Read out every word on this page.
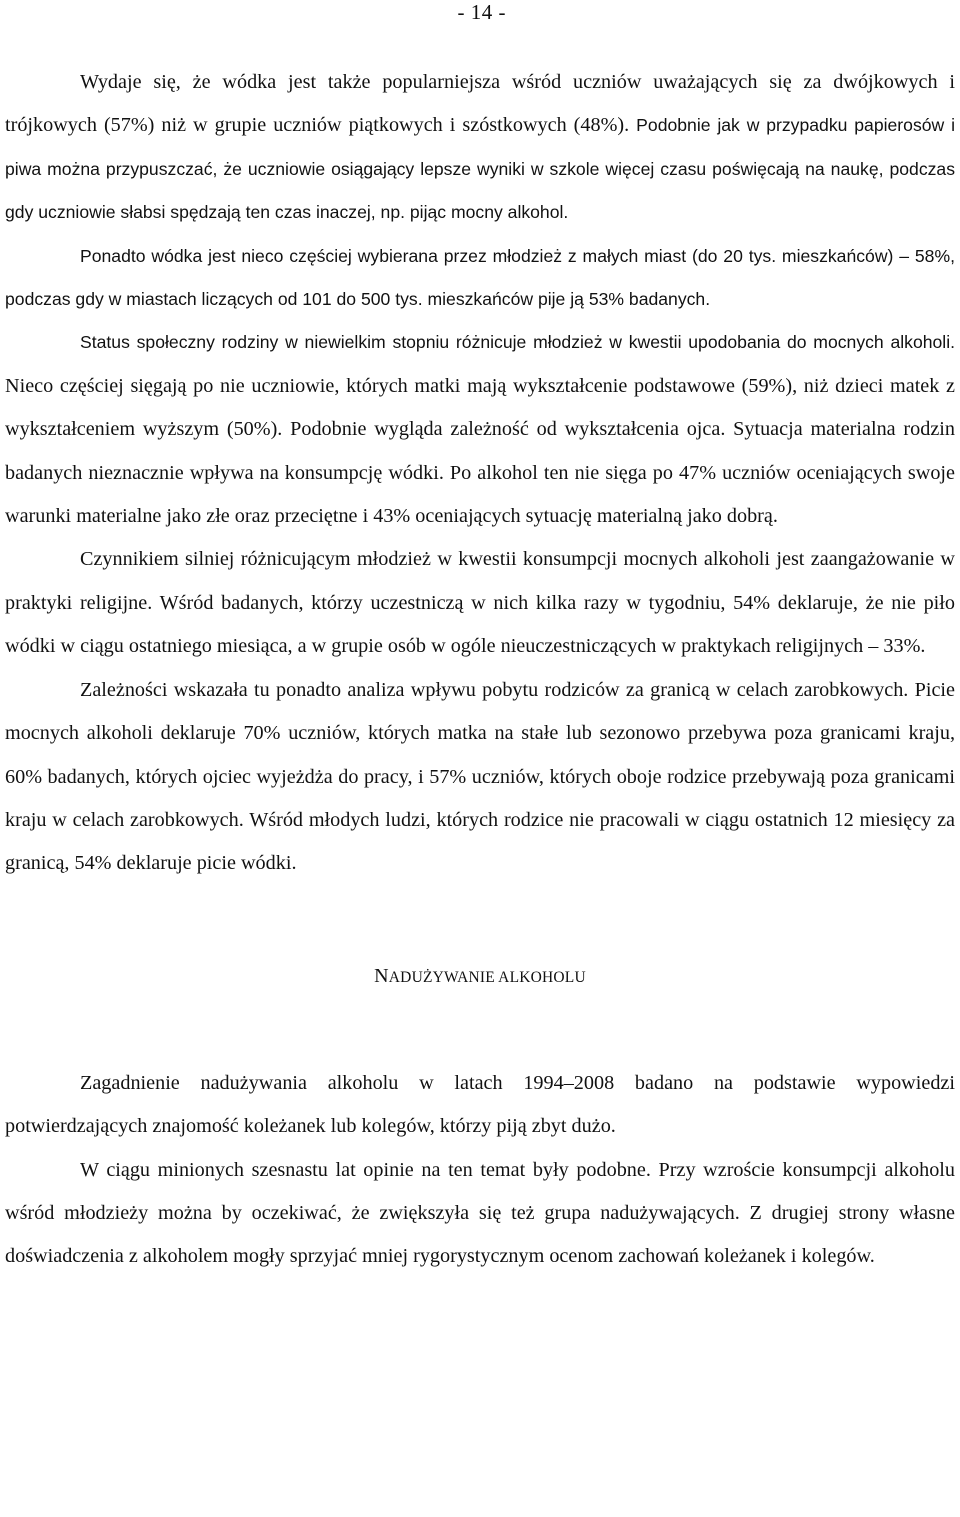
- 14 -

Wydaje się, że wódka jest także popularniejsza wśród uczniów uważających się za dwójkowych i trójkowych (57%) niż w grupie uczniów piątkowych i szóstkowych (48%). Podobnie jak w przypadku papierosów i piwa można przypuszczać, że uczniowie osiągający lepsze wyniki w szkole więcej czasu poświęcają na naukę, podczas gdy uczniowie słabsi spędzają ten czas inaczej, np. pijąc mocny alkohol.

Ponadto wódka jest nieco częściej wybierana przez młodzież z małych miast (do 20 tys. mieszkańców) – 58%, podczas gdy w miastach liczących od 101 do 500 tys. mieszkańców pije ją 53% badanych.

Status społeczny rodziny w niewielkim stopniu różnicuje młodzież w kwestii upodobania do mocnych alkoholi. Nieco częściej sięgają po nie uczniowie, których matki mają wykształcenie podstawowe (59%), niż dzieci matek z wykształceniem wyższym (50%). Podobnie wygląda zależność od wykształcenia ojca. Sytuacja materialna rodzin badanych nieznacznie wpływa na konsumpcję wódki. Po alkohol ten nie sięga po 47% uczniów oceniających swoje warunki materialne jako złe oraz przeciętne i 43% oceniających sytuację materialną jako dobrą.

Czynnikiem silniej różnicującym młodzież w kwestii konsumpcji mocnych alkoholi jest zaangażowanie w praktyki religijne. Wśród badanych, którzy uczestniczą w nich kilka razy w tygodniu, 54% deklaruje, że nie piło wódki w ciągu ostatniego miesiąca, a w grupie osób w ogóle nieuczestniczących w praktykach religijnych – 33%.

Zależności wskazała tu ponadto analiza wpływu pobytu rodziców za granicą w celach zarobkowych. Picie mocnych alkoholi deklaruje 70% uczniów, których matka na stałe lub sezonowo przebywa poza granicami kraju, 60% badanych, których ojciec wyjeżdża do pracy, i 57% uczniów, których oboje rodzice przebywają poza granicami kraju w celach zarobkowych. Wśród młodych ludzi, których rodzice nie pracowali w ciągu ostatnich 12 miesięcy za granicą, 54% deklaruje picie wódki.

NADUŻYWANIE ALKOHOLU

Zagadnienie nadużywania alkoholu w latach 1994–2008 badano na podstawie wypowiedzi potwierdzających znajomość koleżanek lub kolegów, którzy piją zbyt dużo.

W ciągu minionych szesnastu lat opinie na ten temat były podobne. Przy wzroście konsumpcji alkoholu wśród młodzieży można by oczekiwać, że zwiększyła się też grupa nadużywających. Z drugiej strony własne doświadczenia z alkoholem mogły sprzyjać mniej rygorystycznym ocenom zachowań koleżanek i kolegów.
